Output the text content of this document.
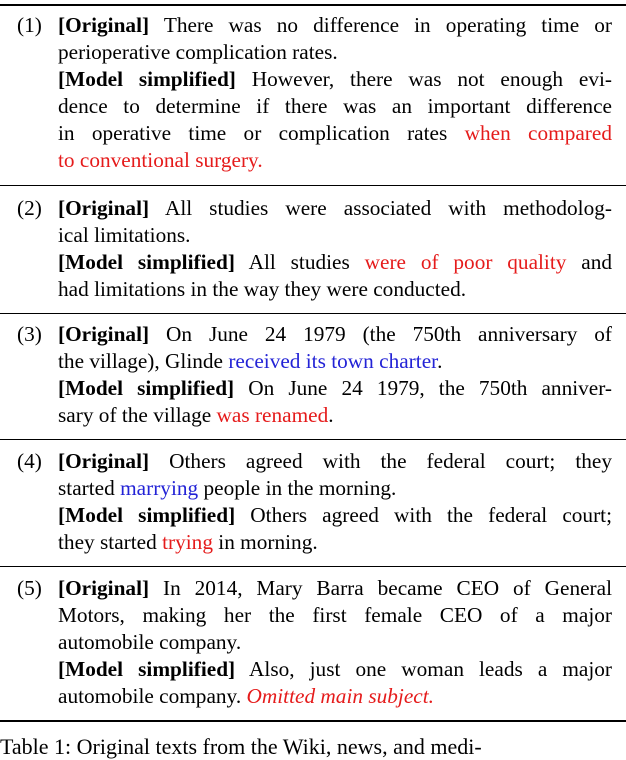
(1) [Original] There was no difference in operating time or
perioperative complication rates.
[Model simplified] However, there was not enough evi-
dence to determine if there was an important difference
in operative time or complication rates when compared
to conventional surgery.
(2) [Original] All studies were associated with methodolog-
ical limitations.
[Model simplified] All studies were of poor quality and
had limitations in the way they were conducted.
(3) [Original] On June 24 1979 (the 750th anniversary of
the village), Glinde received its town charter.
[Model simplified] On June 24 1979, the 750th anniver-
sary of the village was renamed.
(4) [Original] Others agreed with the federal court; they
started marrying people in the morning.
[Model simplified] Others agreed with the federal court;
they started trying in morning.
(5) [Original] In 2014, Mary Barra became CEO of General
Motors, making her the first female CEO of a major
automobile company.
[Model simplified] Also, just one woman leads a major
automobile company. Omitted main subject.
Table 1: Original texts from the Wiki, news, and medi-
